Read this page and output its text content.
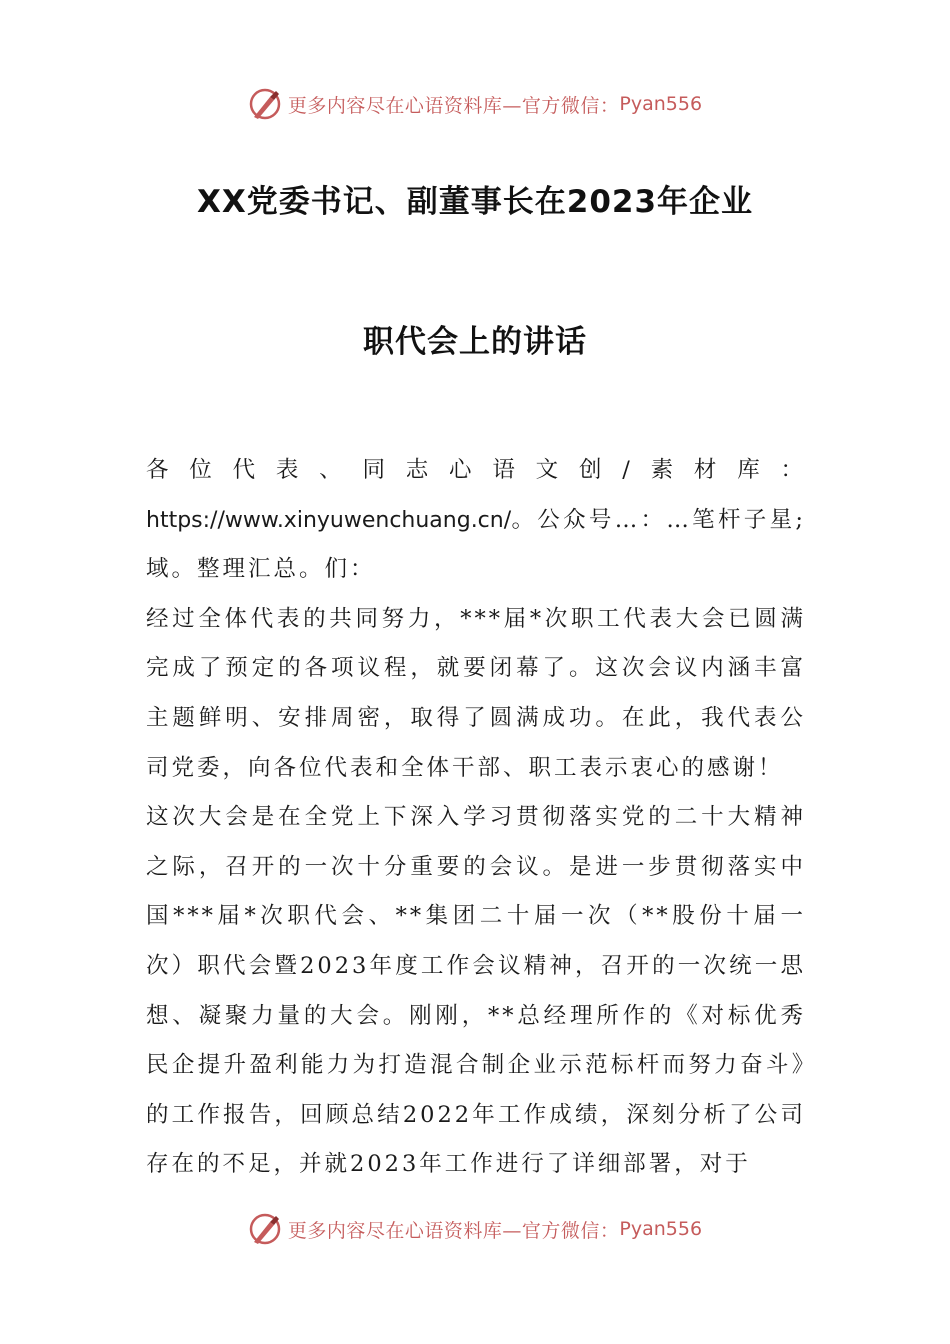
更多内容尽在心语资料库—官方微信： Pyan556
XX党委书记、副董事长在2023年企业
职代会上的讲话

各位代表、同志心语文创/素材库：https://www.xinyuwenchuang.cn/。公众号…：…笔杆子星;域。整理汇总。们：

经过全体代表的共同努力，***届*次职工代表大会已圆满完成了预定的各项议程，就要闭幕了。这次会议内涵丰富主题鲜明、安排周密，取得了圆满成功。在此，我代表公司党委，向各位代表和全体干部、职工表示衷心的感谢！

这次大会是在全党上下深入学习贯彻落实党的二十大精神之际，召开的一次十分重要的会议。是进一步贯彻落实中国***届*次职代会、**集团二十届一次（**股份十届一次）职代会暨2023年度工作会议精神，召开的一次统一思想、凝聚力量的大会。刚刚，**总经理所作的《对标优秀民企提升盈利能力为打造混合制企业示范标杆而努力奋斗》的工作报告，回顾总结2022年工作成绩，深刻分析了公司存在的不足，并就2023年工作进行了详细部署，对于

更多内容尽在心语资料库—官方微信： Pyan556
